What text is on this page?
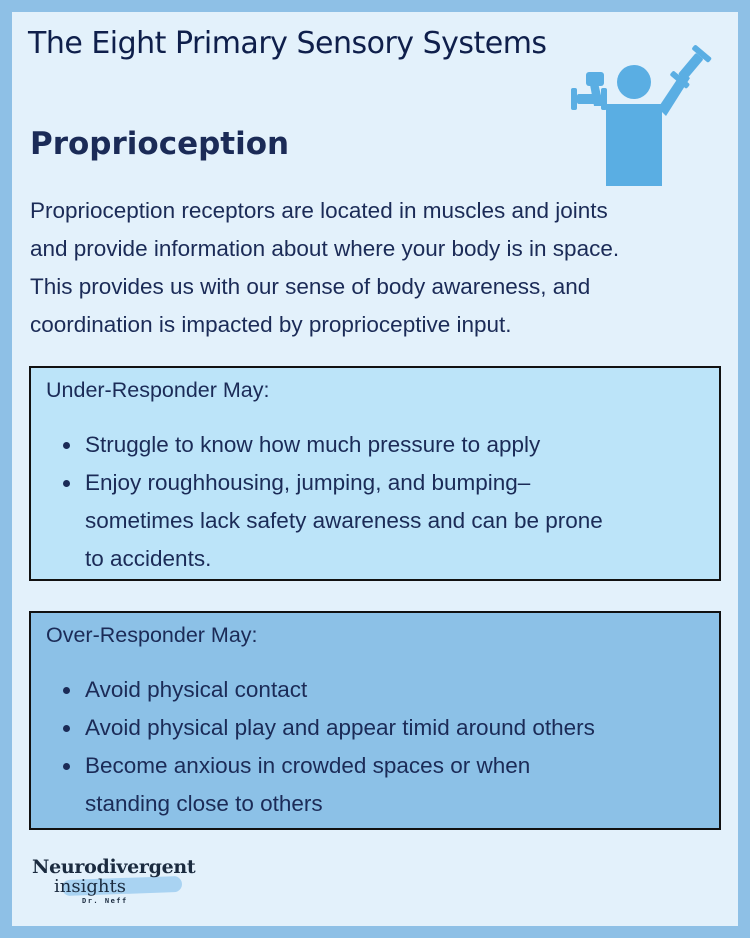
The Eight Primary Sensory Systems
Proprioception
Proprioception receptors are located in muscles and joints
and provide information about where your body is in space.
This provides us with our sense of body awareness, and
coordination is impacted by proprioceptive input.
Under-Responder May:
Struggle to know how much pressure to apply
Enjoy roughhousing, jumping, and bumping–
sometimes lack safety awareness and can be prone
to accidents.
Over-Responder May:
Avoid physical contact
Avoid physical play and appear timid around others
Become anxious in crowded spaces or when
standing close to others
Neurodivergent
insights
Dr. Neff
